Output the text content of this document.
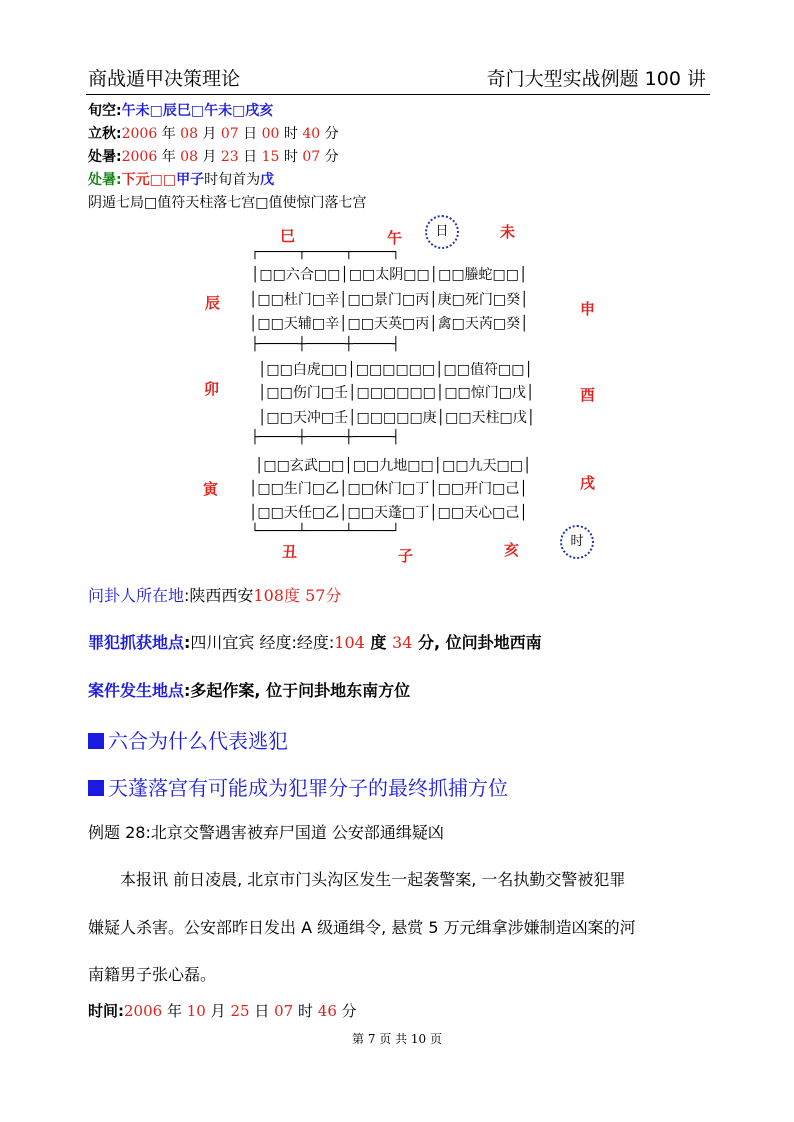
商战遁甲决策理论	奇门大型实战例题 100 讲
旬空:午未□辰巳□午未□戌亥
立秋:2006 年 08 月 07 日 00 时 40 分
处暑:2006 年 08 月 23 日 15 时 07 分
处暑:下元□□甲子时旬首为戊
阴遁七局□值符天柱落七宫□值使惊门落七宫
巳	午	日	未
┌─────┬─────┬─────┐
│□□六合□□│□□太阴□□│□□螣蛇□□│
│□□杜门□辛│□□景门□丙│庚□死门□癸│
│□□天辅□辛│□□天英□丙│禽□天芮□癸│
├─────┼─────┼─────┤
│□□白虎□□│□□□□□□│□□值符□□│
│□□伤门□壬│□□□□□□│□□惊门□戊│
│□□天冲□壬│□□□□□庚│□□天柱□戊│
├─────┼─────┼─────┤
│□□玄武□□│□□九地□□│□□九天□□│
│□□生门□乙│□□休门□丁│□□开门□己│
│□□天任□乙│□□天蓬□丁│□□天心□己│
└─────┴─────┴─────┘
辰	申
卯	酉
寅	戌
丑	子	亥	时
问卦人所在地:陕西西安108度 57分
罪犯抓获地点:四川宜宾 经度:经度:104 度 34 分, 位问卦地西南
案件发生地点:多起作案, 位于问卦地东南方位
六合为什么代表逃犯
天蓬落宫有可能成为犯罪分子的最终抓捕方位
例题 28:北京交警遇害被弃尸国道 公安部通缉疑凶
本报讯 前日凌晨, 北京市门头沟区发生一起袭警案, 一名执勤交警被犯罪
嫌疑人杀害。公安部昨日发出 A 级通缉令, 悬赏 5 万元缉拿涉嫌制造凶案的河
南籍男子张心磊。
时间:2006 年 10 月 25 日 07 时 46 分
第 7 页 共 10 页
